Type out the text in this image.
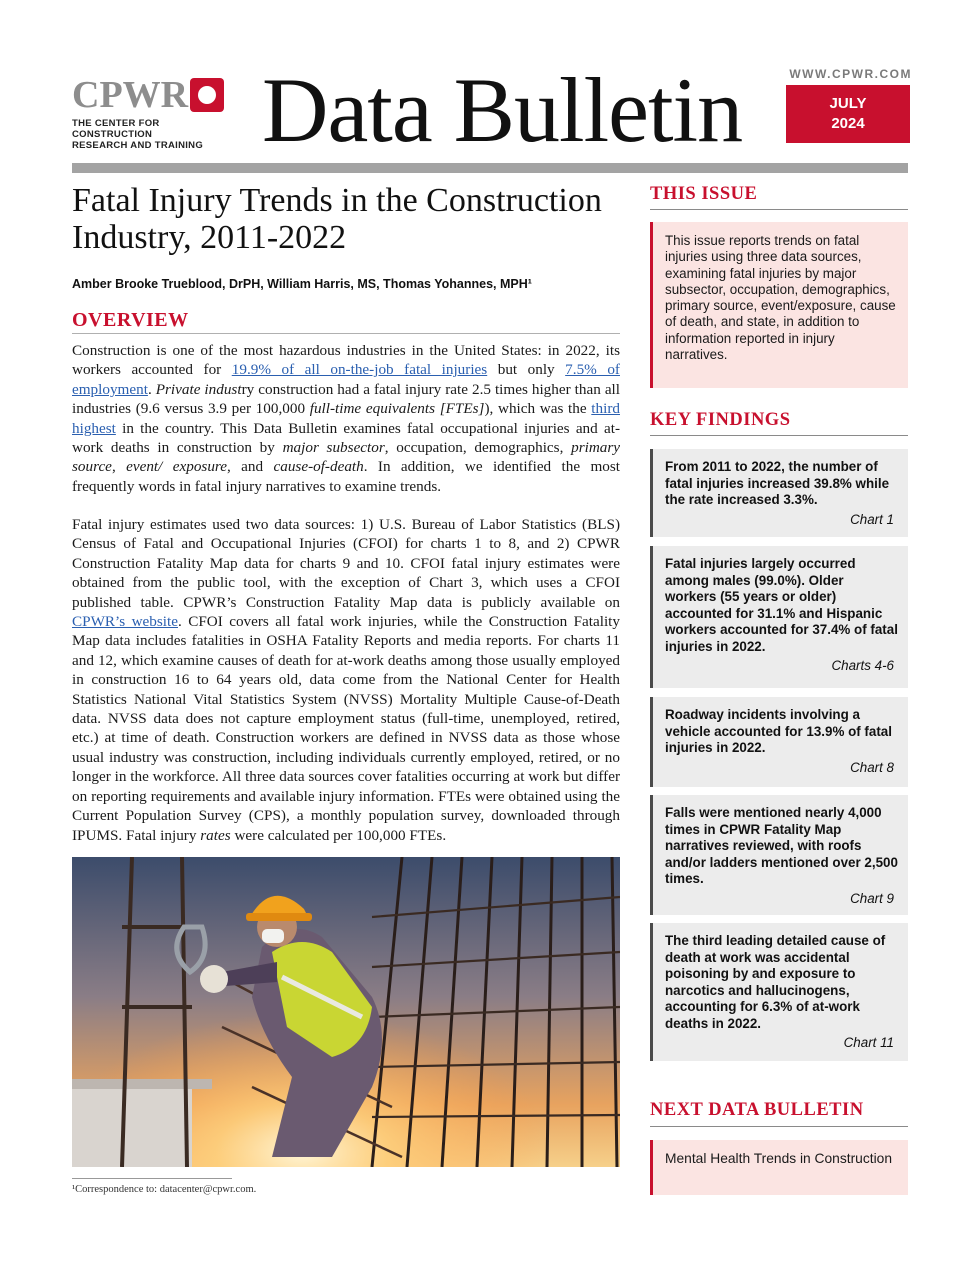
CPWR
THE CENTER FOR CONSTRUCTION
RESEARCH AND TRAINING Data Bulletin	WWW.CPWR.COM
JULY
2024
Fatal Injury Trends in the Construction
Industry, 2011-2022
Amber Brooke Trueblood, DrPH, William Harris, MS, Thomas Yohannes, MPH¹
OVERVIEW
Construction is one of the most hazardous industries in the United States: in 2022, its workers accounted for 19.9% of all on-the-job fatal injuries but only 7.5% of employment. Private industry construction had a fatal injury rate 2.5 times higher than all industries (9.6 versus 3.9 per 100,000 full-time equivalents [FTEs]), which was the third highest in the country. This Data Bulletin examines fatal occupational injuries and at-work deaths in construction by major subsector, occupation, demographics, primary source, event/ exposure, and cause-of-death. In addition, we identified the most frequently words in fatal injury narratives to examine trends.
Fatal injury estimates used two data sources: 1) U.S. Bureau of Labor Statistics (BLS) Census of Fatal and Occupational Injuries (CFOI) for charts 1 to 8, and 2) CPWR Construction Fatality Map data for charts 9 and 10. CFOI fatal injury estimates were obtained from the public tool, with the exception of Chart 3, which uses a CFOI published table. CPWR’s Construction Fatality Map data is publicly available on CPWR’s website. CFOI covers all fatal work injuries, while the Construction Fatality Map data includes fatalities in OSHA Fatality Reports and media reports. For charts 11 and 12, which examine causes of death for at-work deaths among those usually employed in construction 16 to 64 years old, data come from the National Center for Health Statistics National Vital Statistics System (NVSS) Mortality Multiple Cause-of-Death data. NVSS data does not capture employment status (full-time, unemployed, retired, etc.) at time of death. Construction workers are defined in NVSS data as those whose usual industry was construction, including individuals currently employed, retired, or no longer in the workforce. All three data sources cover fatalities occurring at work but differ on reporting requirements and available injury information. FTEs were obtained using the Current Population Survey (CPS), a monthly population survey, downloaded through IPUMS. Fatal injury rates were calculated per 100,000 FTEs.
¹Correspondence to: datacenter@cpwr.com.
THIS ISSUE
This issue reports trends on fatal injuries using three data sources, examining fatal injuries by major subsector, occupation, demographics, primary source, event/exposure, cause of death, and state, in addition to information reported in injury narratives.
KEY FINDINGS
From 2011 to 2022, the number of fatal injuries increased 39.8% while the rate increased 3.3%.
Chart 1
Fatal injuries largely occurred among males (99.0%). Older workers (55 years or older) accounted for 31.1% and Hispanic workers accounted for 37.4% of fatal injuries in 2022.
Charts 4-6
Roadway incidents involving a vehicle accounted for 13.9% of fatal injuries in 2022.
Chart 8
Falls were mentioned nearly 4,000 times in CPWR Fatality Map narratives reviewed, with roofs and/or ladders mentioned over 2,500 times.
Chart 9
The third leading detailed cause of death at work was accidental poisoning by and exposure to narcotics and hallucinogens, accounting for 6.3% of at-work deaths in 2022.
Chart 11
NEXT DATA BULLETIN
Mental Health Trends in Construction
